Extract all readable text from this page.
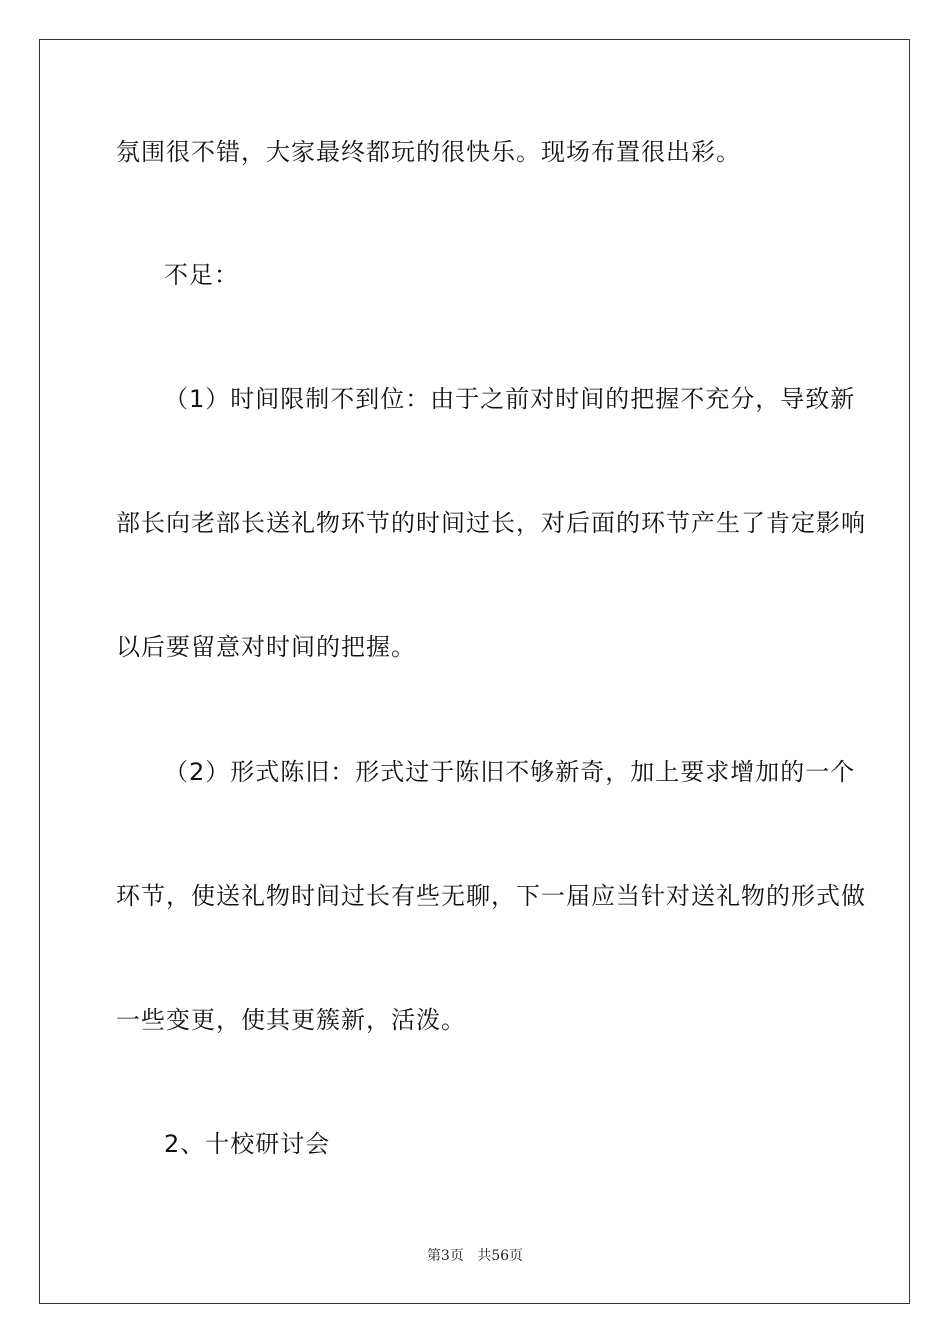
氛围很不错，大家最终都玩的很快乐。现场布置很出彩。
不足：
（1）时间限制不到位：由于之前对时间的把握不充分，导致新
部长向老部长送礼物环节的时间过长，对后面的环节产生了肯定影响
以后要留意对时间的把握。
（2）形式陈旧：形式过于陈旧不够新奇，加上要求增加的一个
环节，使送礼物时间过长有些无聊，下一届应当针对送礼物的形式做
一些变更，使其更簇新，活泼。
2、十校研讨会
第3页 共56页
